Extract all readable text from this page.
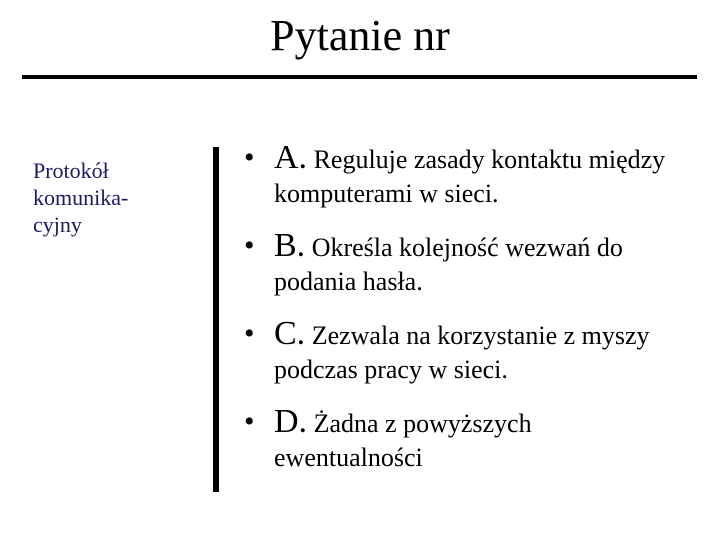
Pytanie nr
Protokół
komunika-
cyjny
• A. Reguluje zasady kontaktu między
komputerami w sieci.
• B. Określa kolejność wezwań do
podania hasła.
• C. Zezwala na korzystanie z myszy
podczas pracy w sieci.
• D. Żadna z powyższych
ewentualności
